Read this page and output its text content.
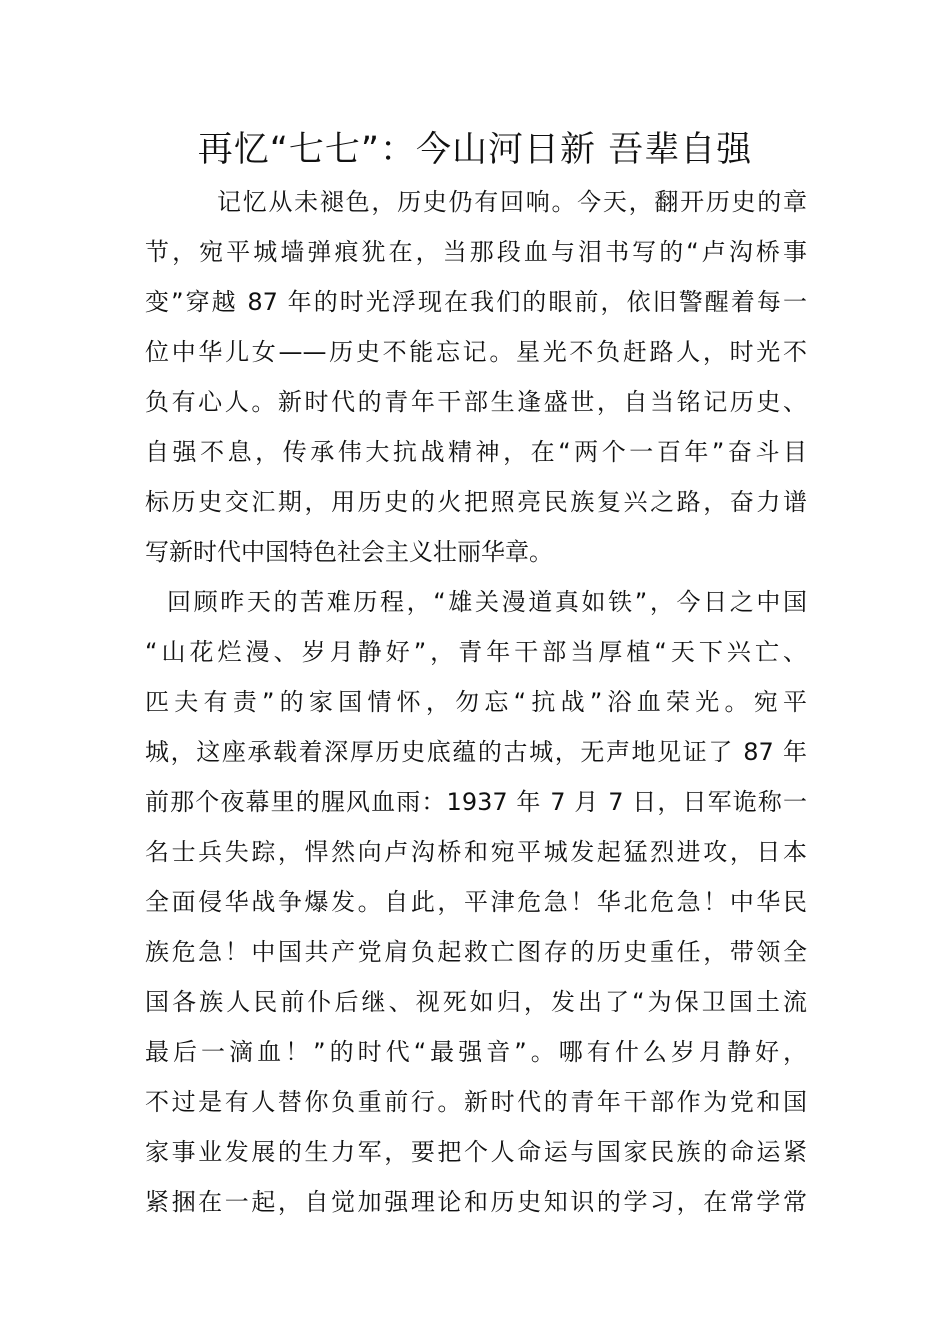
再忆“七七”：今山河日新 吾辈自强
记忆从未褪色，历史仍有回响。今天，翻开历史的章
节，宛平城墙弹痕犹在，当那段血与泪书写的“卢沟桥事
变”穿越 87 年的时光浮现在我们的眼前，依旧警醒着每一
位中华儿女——历史不能忘记。星光不负赶路人，时光不
负有心人。新时代的青年干部生逢盛世，自当铭记历史、
自强不息，传承伟大抗战精神，在“两个一百年”奋斗目
标历史交汇期，用历史的火把照亮民族复兴之路，奋力谱
写新时代中国特色社会主义壮丽华章。
回顾昨天的苦难历程，“雄关漫道真如铁”，今日之中国
“山花烂漫、岁月静好”，青年干部当厚植“天下兴亡、
匹夫有责”的家国情怀，勿忘“抗战”浴血荣光。宛平
城，这座承载着深厚历史底蕴的古城，无声地见证了 87 年
前那个夜幕里的腥风血雨：1937 年 7 月 7 日，日军诡称一
名士兵失踪，悍然向卢沟桥和宛平城发起猛烈进攻，日本
全面侵华战争爆发。自此，平津危急！华北危急！中华民
族危急！中国共产党肩负起救亡图存的历史重任，带领全
国各族人民前仆后继、视死如归，发出了“为保卫国土流
最后一滴血！”的时代“最强音”。哪有什么岁月静好，
不过是有人替你负重前行。新时代的青年干部作为党和国
家事业发展的生力军，要把个人命运与国家民族的命运紧
紧捆在一起，自觉加强理论和历史知识的学习，在常学常
